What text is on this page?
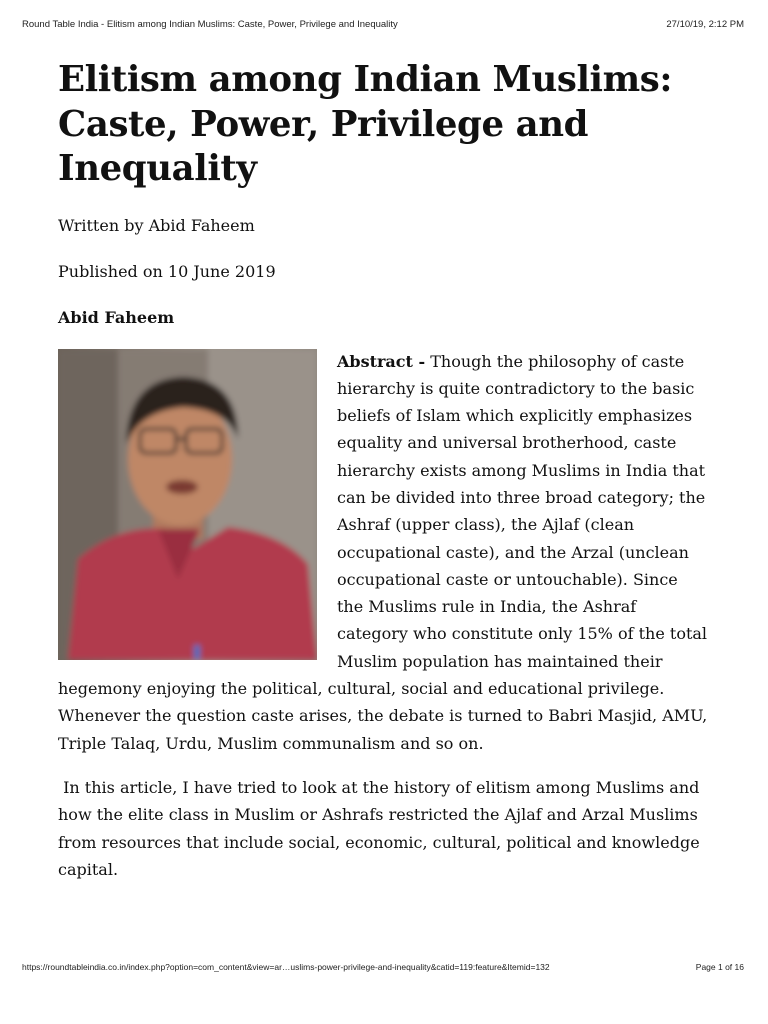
Round Table India - Elitism among Indian Muslims: Caste, Power, Privilege and Inequality	27/10/19, 2:12 PM
Elitism among Indian Muslims: Caste, Power, Privilege and Inequality

Written by Abid Faheem

Published on 10 June 2019

Abid Faheem

Abstract - Though the philosophy of caste hierarchy is quite contradictory to the basic beliefs of Islam which explicitly emphasizes equality and universal brotherhood, caste hierarchy exists among Muslims in India that can be divided into three broad category; the Ashraf (upper class), the Ajlaf (clean occupational caste), and the Arzal (unclean occupational caste or untouchable). Since the Muslims rule in India, the Ashraf category who constitute only 15% of the total Muslim population has maintained their hegemony enjoying the political, cultural, social and educational privilege. Whenever the question caste arises, the debate is turned to Babri Masjid, AMU, Triple Talaq, Urdu, Muslim communalism and so on.

In this article, I have tried to look at the history of elitism among Muslims and how the elite class in Muslim or Ashrafs restricted the Ajlaf and Arzal Muslims from resources that include social, economic, cultural, political and knowledge capital.

https://roundtableindia.co.in/index.php?option=com_content&view=ar…uslims-power-privilege-and-inequality&catid=119:feature&Itemid=132	Page 1 of 16
